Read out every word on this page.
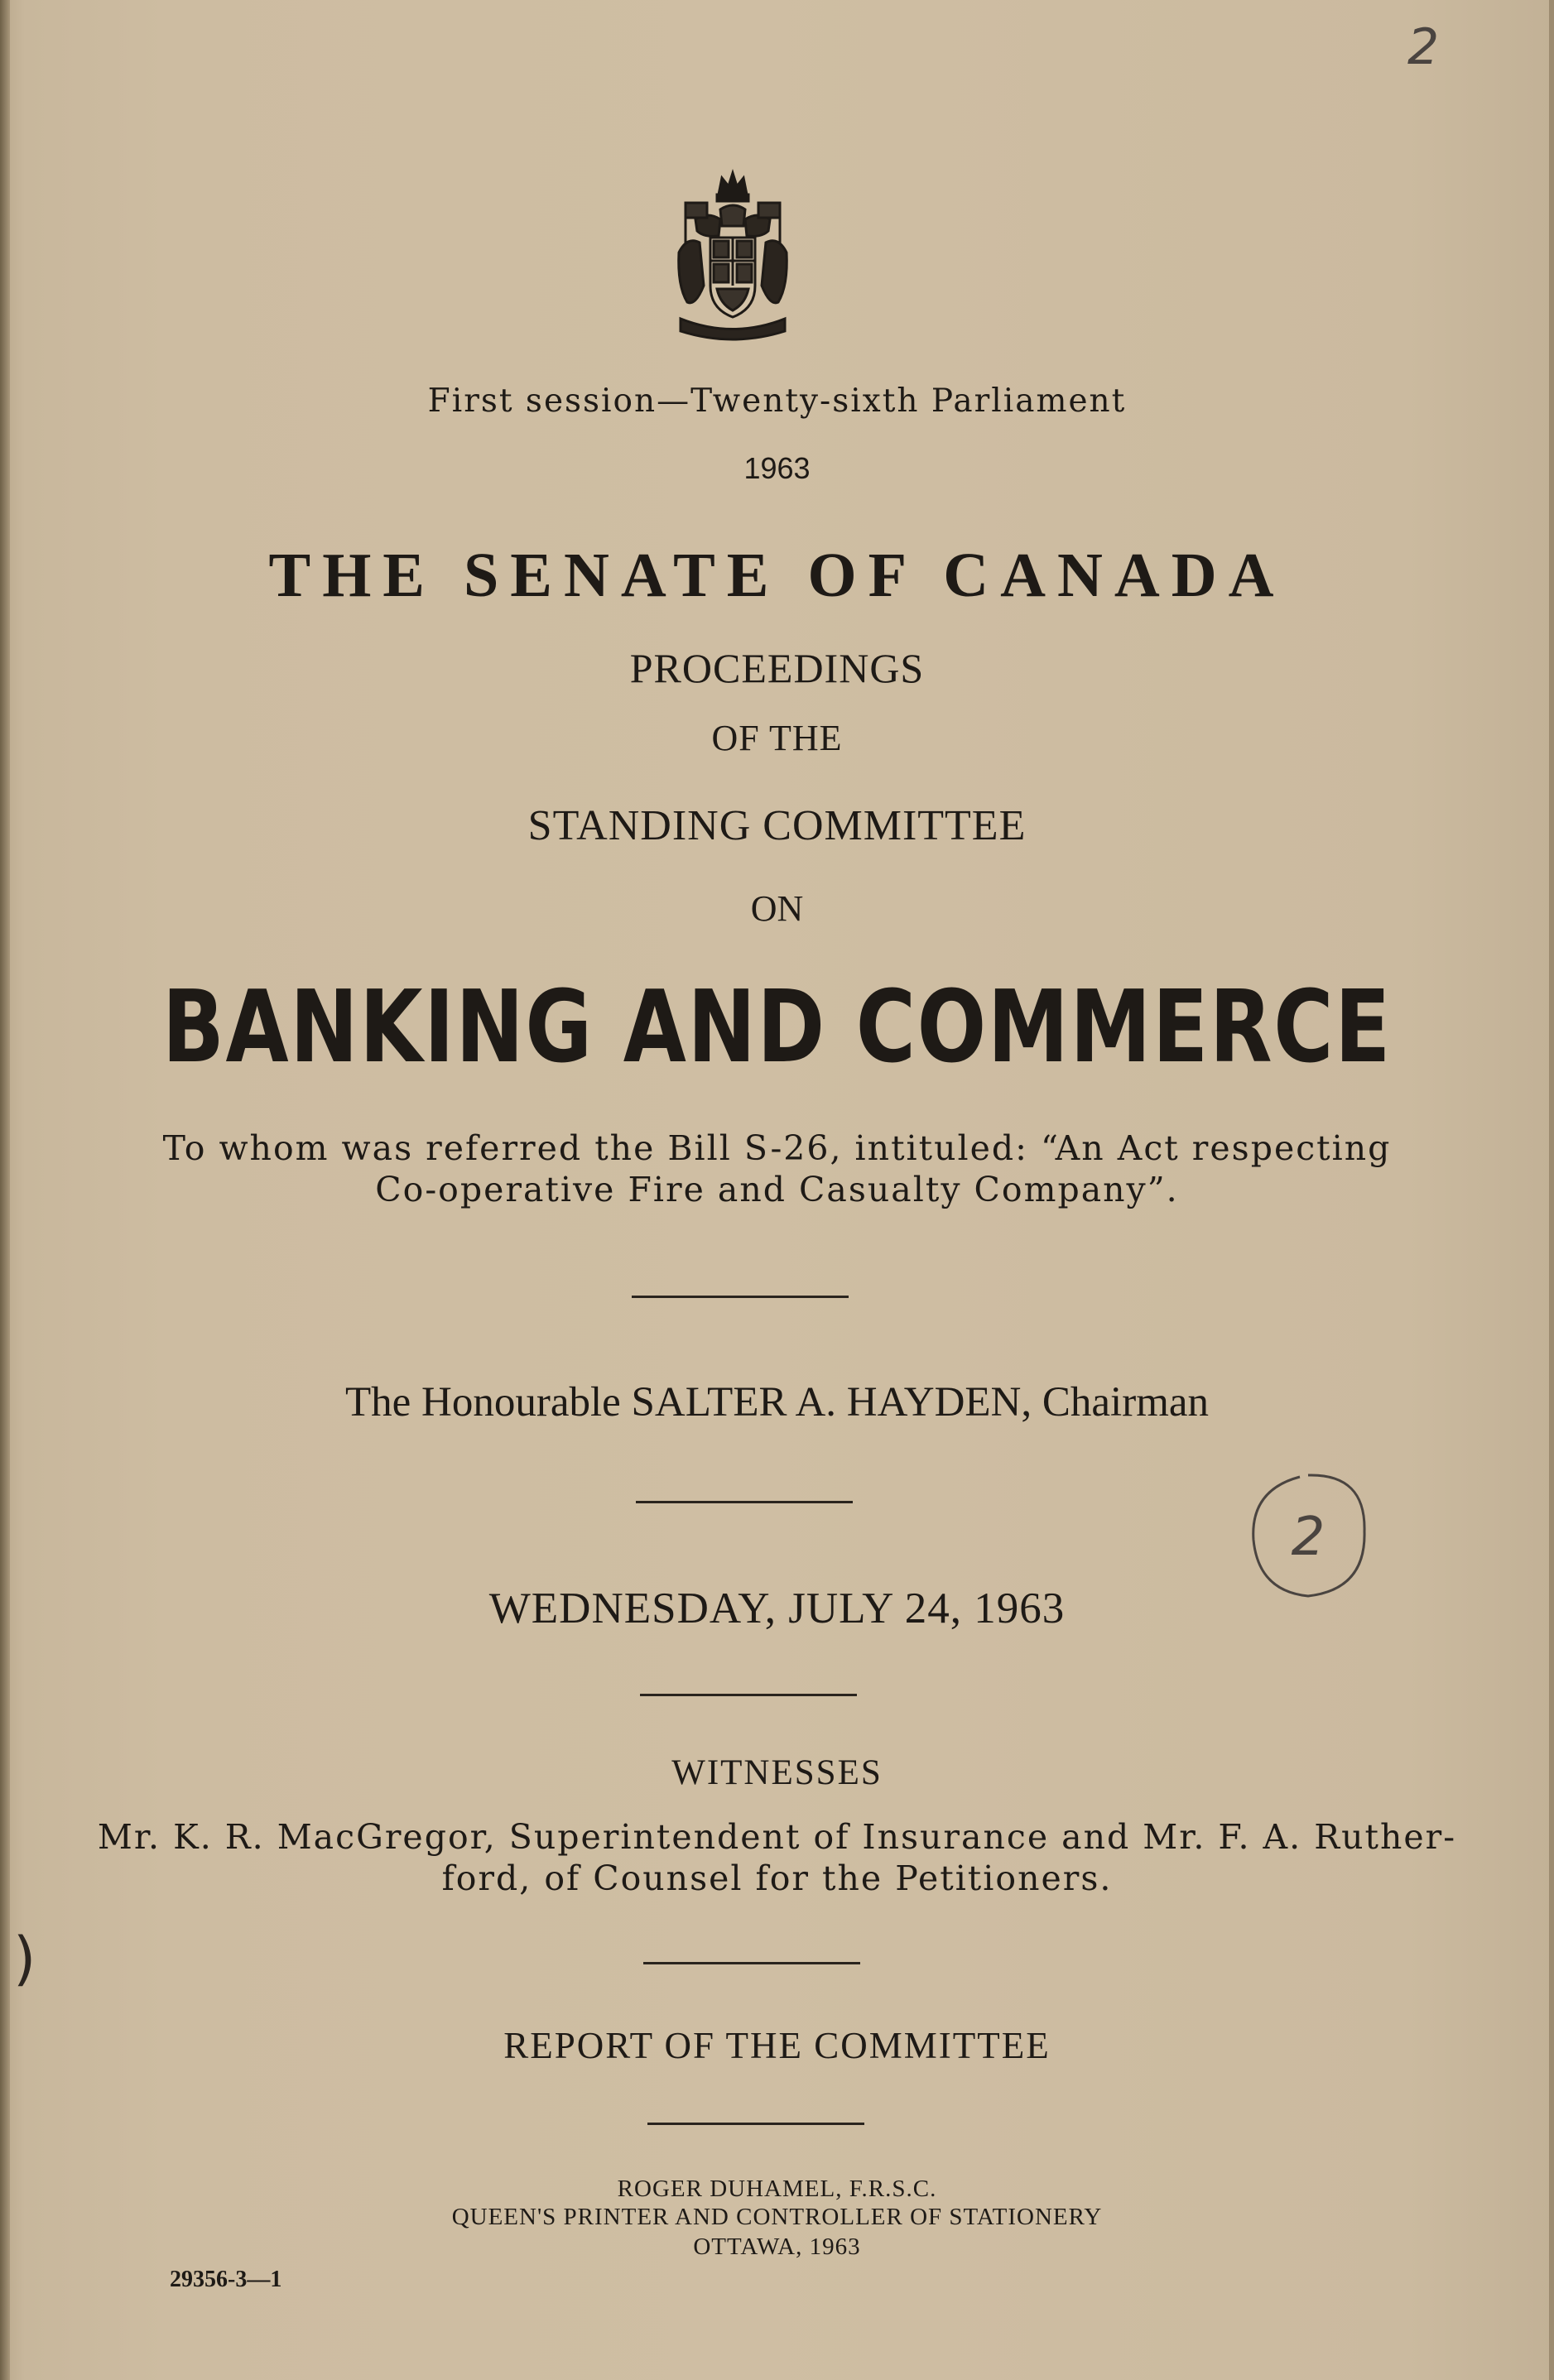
2
First session—Twenty-sixth Parliament
1963
THE SENATE OF CANADA
PROCEEDINGS
OF THE
STANDING COMMITTEE
ON
BANKING AND COMMERCE
To whom was referred the Bill S-26, intituled: “An Act respecting
Co-operative Fire and Casualty Company”.
The Honourable SALTER A. HAYDEN, Chairman
2
WEDNESDAY, JULY 24, 1963
WITNESSES
Mr. K. R. MacGregor, Superintendent of Insurance and Mr. F. A. Ruther-
ford, of Counsel for the Petitioners.
)
REPORT OF THE COMMITTEE
ROGER DUHAMEL, F.R.S.C.
QUEEN'S PRINTER AND CONTROLLER OF STATIONERY
OTTAWA, 1963
29356-3—1
